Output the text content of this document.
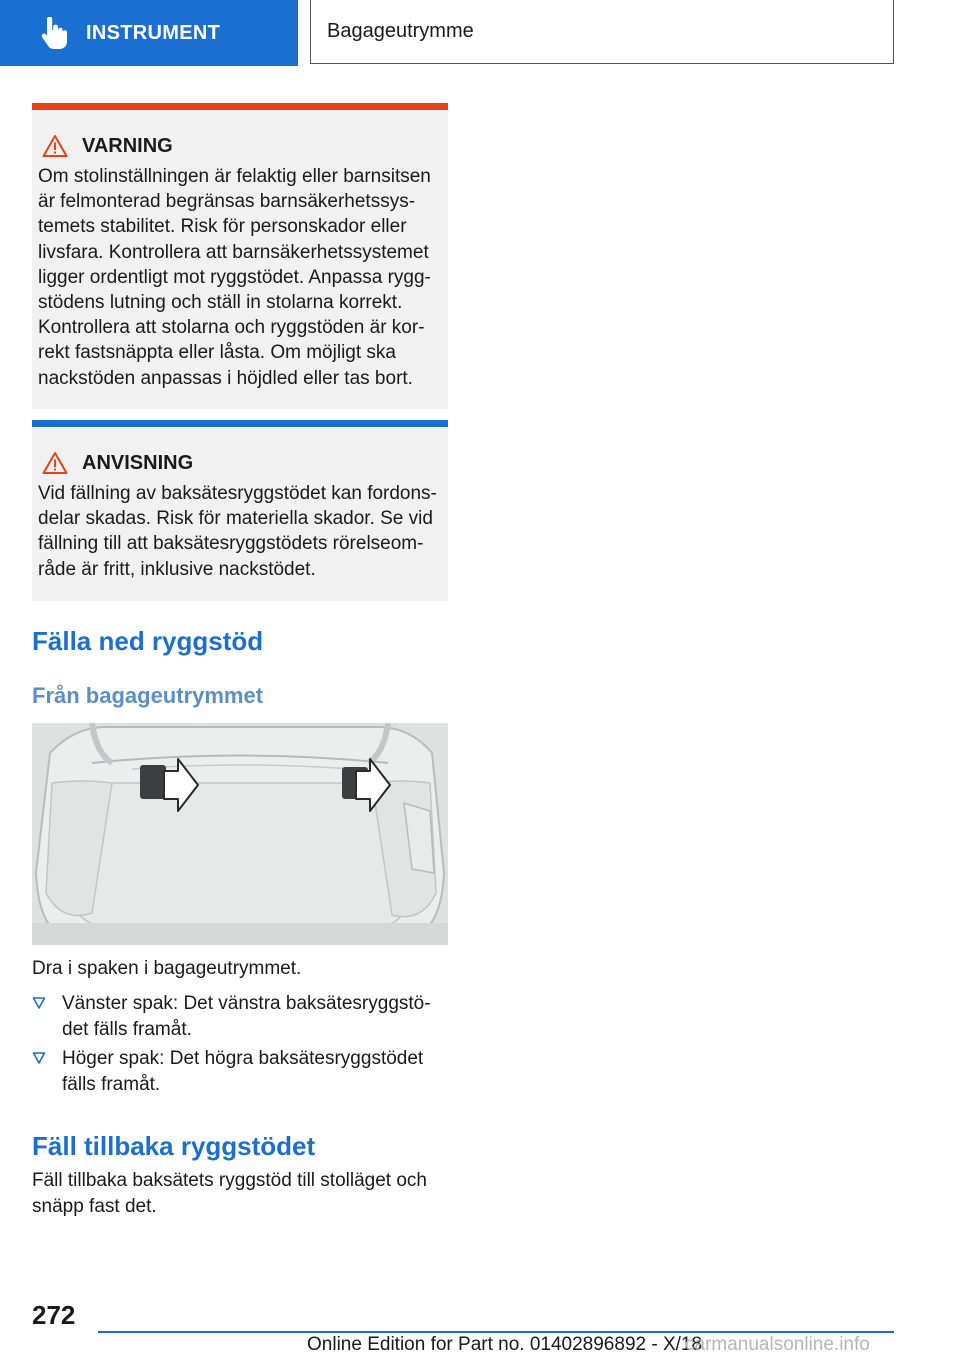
INSTRUMENT	Bagageutrymme
VARNING
Om stolinställningen är felaktig eller barnsitsen
är felmonterad begränsas barnsäkerhetssys-
temets stabilitet. Risk för personskador eller
livsfara. Kontrollera att barnsäkerhetssystemet
ligger ordentligt mot ryggstödet. Anpassa rygg-
stödens lutning och ställ in stolarna korrekt.
Kontrollera att stolarna och ryggstöden är kor-
rekt fastsnäppta eller låsta. Om möjligt ska
nackstöden anpassas i höjdled eller tas bort.
ANVISNING
Vid fällning av baksätesryggstödet kan fordons-
delar skadas. Risk för materiella skador. Se vid
fällning till att baksätesryggstödets rörelseom-
råde är fritt, inklusive nackstödet.
Fälla ned ryggstöd
Från bagageutrymmet
Dra i spaken i bagageutrymmet.
Vänster spak: Det vänstra baksätesryggstö-
det fälls framåt.
Höger spak: Det högra baksätesryggstödet
fälls framåt.
Fäll tillbaka ryggstödet
Fäll tillbaka baksätets ryggstöd till stolläget och
snäpp fast det.
272
Online Edition for Part no. 01402896892 - X/18
carmanualsonline.info
